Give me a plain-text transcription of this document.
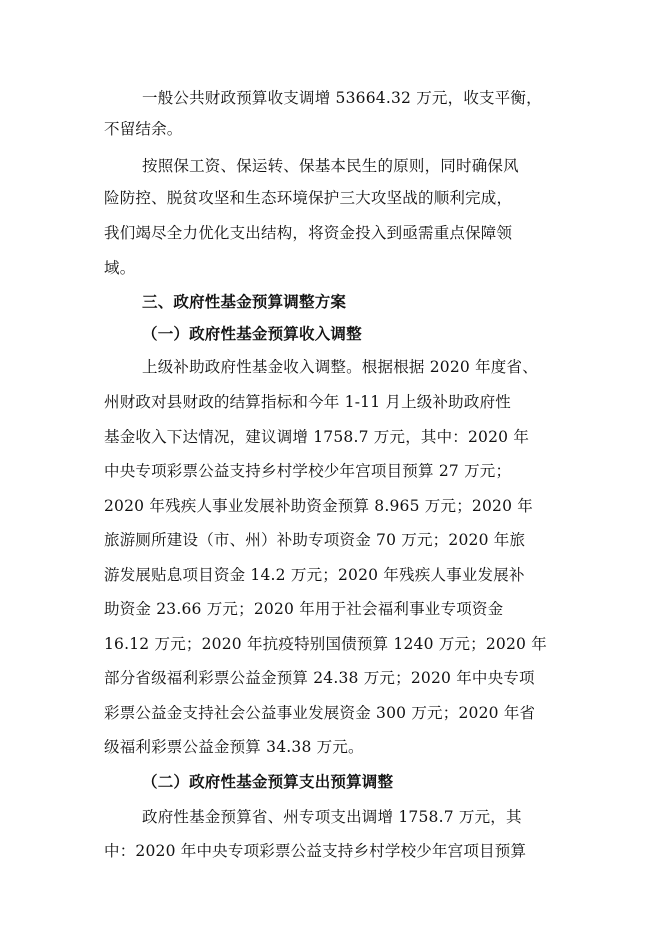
一般公共财政预算收支调增 53664.32 万元，收支平衡，
不留结余。
按照保工资、保运转、保基本民生的原则，同时确保风
险防控、脱贫攻坚和生态环境保护三大攻坚战的顺利完成，
我们竭尽全力优化支出结构，将资金投入到亟需重点保障领
域。
三、政府性基金预算调整方案
（一）政府性基金预算收入调整
上级补助政府性基金收入调整。根据根据 2020 年度省、
州财政对县财政的结算指标和今年 1-11 月上级补助政府性
基金收入下达情况，建议调增 1758.7 万元，其中：2020 年
中央专项彩票公益支持乡村学校少年宫项目预算 27 万元；
2020 年残疾人事业发展补助资金预算 8.965 万元；2020 年
旅游厕所建设（市、州）补助专项资金 70 万元；2020 年旅
游发展贴息项目资金 14.2 万元；2020 年残疾人事业发展补
助资金 23.66 万元；2020 年用于社会福利事业专项资金
16.12 万元；2020 年抗疫特别国债预算 1240 万元；2020 年
部分省级福利彩票公益金预算 24.38 万元；2020 年中央专项
彩票公益金支持社会公益事业发展资金 300 万元；2020 年省
级福利彩票公益金预算 34.38 万元。
（二）政府性基金预算支出预算调整
政府性基金预算省、州专项支出调增 1758.7 万元，其
中：2020 年中央专项彩票公益支持乡村学校少年宫项目预算
